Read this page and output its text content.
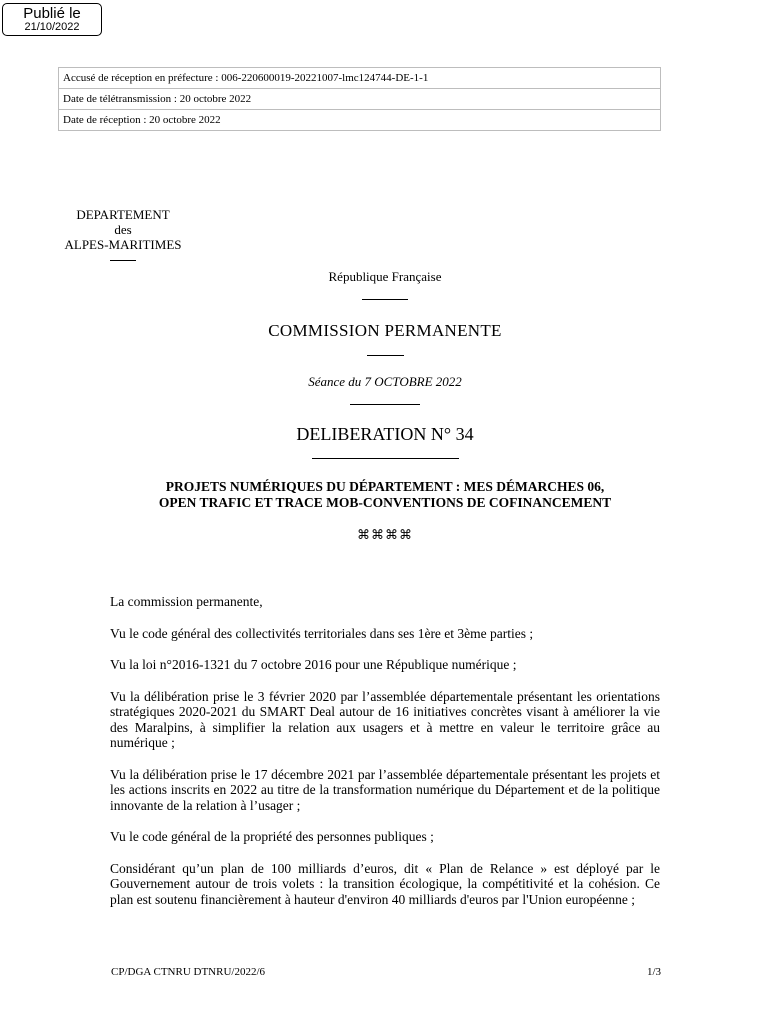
Publié le
21/10/2022
Accusé de réception en préfecture : 006-220600019-20221007-lmc124744-DE-1-1
Date de télétransmission : 20 octobre 2022
Date de réception : 20 octobre 2022
DEPARTEMENT
des
ALPES-MARITIMES
République Française
COMMISSION PERMANENTE
Séance du 7 OCTOBRE 2022
DELIBERATION N° 34
PROJETS NUMÉRIQUES DU DÉPARTEMENT : MES DÉMARCHES 06,
OPEN TRAFIC ET TRACE MOB-CONVENTIONS DE COFINANCEMENT
⌘⌘⌘⌘

La commission permanente,

Vu le code général des collectivités territoriales dans ses 1ère et 3ème parties ;

Vu la loi n°2016-1321 du 7 octobre 2016 pour une République numérique ;

Vu la délibération prise le 3 février 2020 par l’assemblée départementale présentant les orientations stratégiques 2020-2021 du SMART Deal autour de 16 initiatives concrètes visant à améliorer la vie des Maralpins, à simplifier la relation aux usagers et à mettre en valeur le territoire grâce au numérique ;

Vu la délibération prise le 17 décembre 2021 par l’assemblée départementale présentant les projets et les actions inscrits en 2022 au titre de la transformation numérique du Département et de la politique innovante de la relation à l’usager ;

Vu le code général de la propriété des personnes publiques ;

Considérant qu’un plan de 100 milliards d’euros, dit « Plan de Relance » est déployé par le Gouvernement autour de trois volets : la transition écologique, la compétitivité et la cohésion. Ce plan est soutenu financièrement à hauteur d'environ 40 milliards d'euros par l'Union européenne ;

CP/DGA CTNRU DTNRU/2022/6	1/3
